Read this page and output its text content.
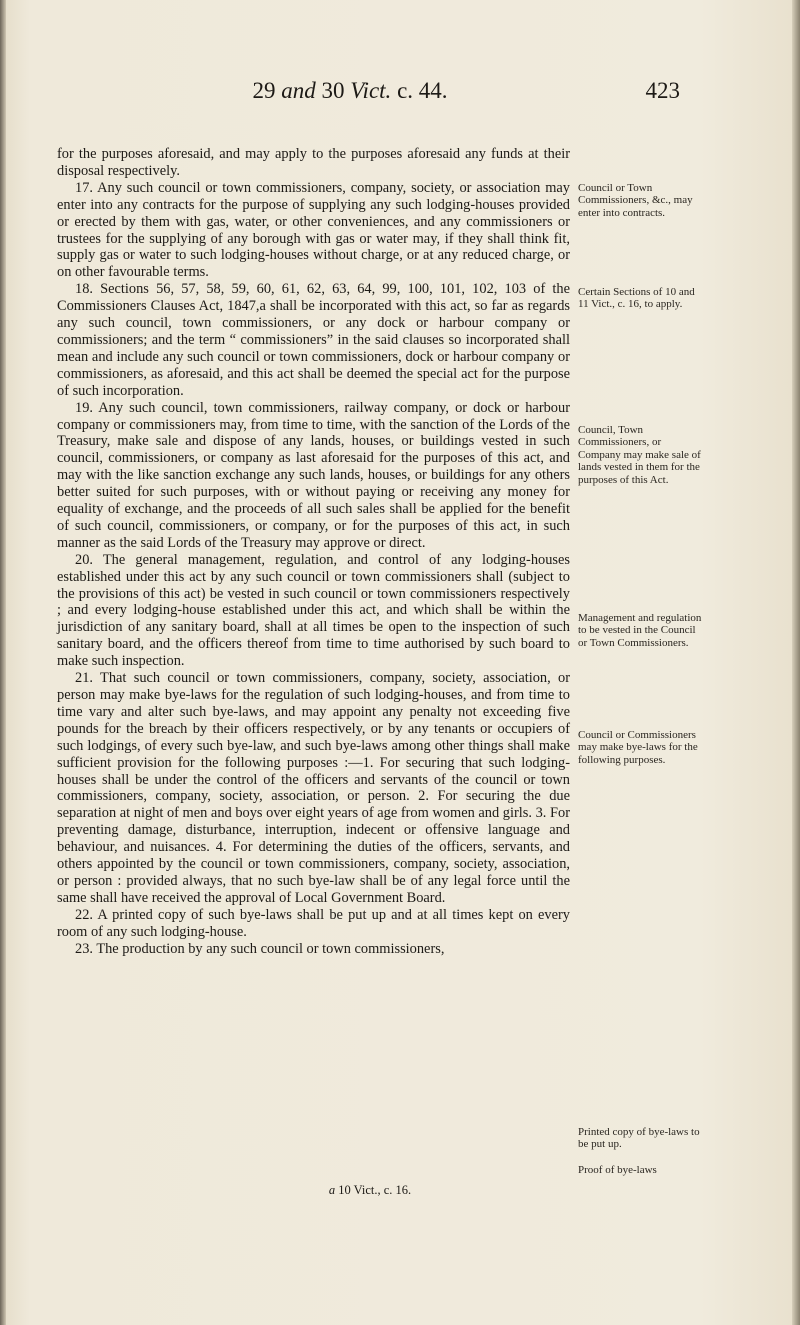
29 and 30 Vict. c. 44.	423

for the purposes aforesaid, and may apply to the purposes aforesaid any funds at their disposal respectively.

17. Any such council or town commissioners, company, society, or association may enter into any contracts for the purpose of supplying any such lodging-houses provided or erected by them with gas, water, or other conveniences, and any commissioners or trustees for the supplying of any borough with gas or water may, if they shall think fit, supply gas or water to such lodging-houses without charge, or at any reduced charge, or on other favourable terms.

18. Sections 56, 57, 58, 59, 60, 61, 62, 63, 64, 99, 100, 101, 102, 103 of the Commissioners Clauses Act, 1847,a shall be incorporated with this act, so far as regards any such council, town commissioners, or any dock or harbour company or commissioners; and the term “ commissioners” in the said clauses so incorporated shall mean and include any such council or town commissioners, dock or harbour company or commissioners, as aforesaid, and this act shall be deemed the special act for the purpose of such incorporation.

19. Any such council, town commissioners, railway company, or dock or harbour company or commissioners may, from time to time, with the sanction of the Lords of the Treasury, make sale and dispose of any lands, houses, or buildings vested in such council, commissioners, or company as last aforesaid for the purposes of this act, and may with the like sanction exchange any such lands, houses, or buildings for any others better suited for such purposes, with or without paying or receiving any money for equality of exchange, and the proceeds of all such sales shall be applied for the benefit of such council, commissioners, or company, or for the purposes of this act, in such manner as the said Lords of the Treasury may approve or direct.

20. The general management, regulation, and control of any lodging-houses established under this act by any such council or town commissioners shall (subject to the provisions of this act) be vested in such council or town commissioners respectively ; and every lodging-house established under this act, and which shall be within the jurisdiction of any sanitary board, shall at all times be open to the inspection of such sanitary board, and the officers thereof from time to time authorised by such board to make such inspection.

21. That such council or town commissioners, company, society, association, or person may make bye-laws for the regulation of such lodging-houses, and from time to time vary and alter such bye-laws, and may appoint any penalty not exceeding five pounds for the breach by their officers respectively, or by any tenants or occupiers of such lodgings, of every such bye-law, and such bye-laws among other things shall make sufficient provision for the following purposes :—1. For securing that such lodging-houses shall be under the control of the officers and servants of the council or town commissioners, company, society, association, or person. 2. For securing the due separation at night of men and boys over eight years of age from women and girls. 3. For preventing damage, disturbance, interruption, indecent or offensive language and behaviour, and nuisances. 4. For determining the duties of the officers, servants, and others appointed by the council or town commissioners, company, society, association, or person : provided always, that no such bye-law shall be of any legal force until the same shall have received the approval of Local Government Board.

22. A printed copy of such bye-laws shall be put up and at all times kept on every room of any such lodging-house.

23. The production by any such council or town commissioners,

Council or Town Commissioners, &c., may enter into contracts.
Certain Sections of 10 and 11 Vict., c. 16, to apply.
Council, Town Commissioners, or Company may make sale of lands vested in them for the purposes of this Act.
Management and regulation to be vested in the Council or Town Commissioners.
Council or Commissioners may make bye-laws for the following purposes.
Printed copy of bye-laws to be put up.
Proof of bye-laws
a 10 Vict., c. 16.
